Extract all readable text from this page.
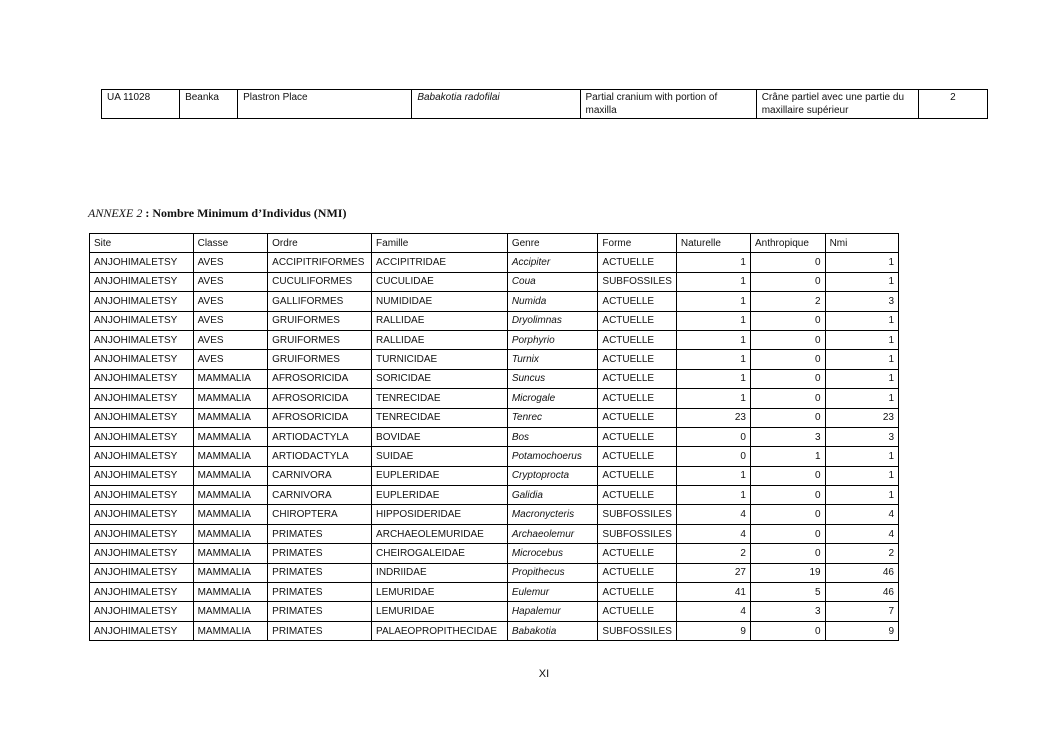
UA 11028	Beanka	Plastron Place	Babakotia radofilai	Partial cranium with portion of maxilla	Crâne partiel avec une partie du maxillaire supérieur	2

ANNEXE 2 : Nombre Minimum d’Individus (NMI)

Site	Classe	Ordre	Famille	Genre	Forme	Naturelle	Anthropique	Nmi
ANJOHIMALETSY	AVES	ACCIPITRIFORMES	ACCIPITRIDAE	Accipiter	ACTUELLE	1	0	1
ANJOHIMALETSY	AVES	CUCULIFORMES	CUCULIDAE	Coua	SUBFOSSILES	1	0	1
ANJOHIMALETSY	AVES	GALLIFORMES	NUMIDIDAE	Numida	ACTUELLE	1	2	3
ANJOHIMALETSY	AVES	GRUIFORMES	RALLIDAE	Dryolimnas	ACTUELLE	1	0	1
ANJOHIMALETSY	AVES	GRUIFORMES	RALLIDAE	Porphyrio	ACTUELLE	1	0	1
ANJOHIMALETSY	AVES	GRUIFORMES	TURNICIDAE	Turnix	ACTUELLE	1	0	1
ANJOHIMALETSY	MAMMALIA	AFROSORICIDA	SORICIDAE	Suncus	ACTUELLE	1	0	1
ANJOHIMALETSY	MAMMALIA	AFROSORICIDA	TENRECIDAE	Microgale	ACTUELLE	1	0	1
ANJOHIMALETSY	MAMMALIA	AFROSORICIDA	TENRECIDAE	Tenrec	ACTUELLE	23	0	23
ANJOHIMALETSY	MAMMALIA	ARTIODACTYLA	BOVIDAE	Bos	ACTUELLE	0	3	3
ANJOHIMALETSY	MAMMALIA	ARTIODACTYLA	SUIDAE	Potamochoerus	ACTUELLE	0	1	1
ANJOHIMALETSY	MAMMALIA	CARNIVORA	EUPLERIDAE	Cryptoprocta	ACTUELLE	1	0	1
ANJOHIMALETSY	MAMMALIA	CARNIVORA	EUPLERIDAE	Galidia	ACTUELLE	1	0	1
ANJOHIMALETSY	MAMMALIA	CHIROPTERA	HIPPOSIDERIDAE	Macronycteris	SUBFOSSILES	4	0	4
ANJOHIMALETSY	MAMMALIA	PRIMATES	ARCHAEOLEMURIDAE	Archaeolemur	SUBFOSSILES	4	0	4
ANJOHIMALETSY	MAMMALIA	PRIMATES	CHEIROGALEIDAE	Microcebus	ACTUELLE	2	0	2
ANJOHIMALETSY	MAMMALIA	PRIMATES	INDRIIDAE	Propithecus	ACTUELLE	27	19	46
ANJOHIMALETSY	MAMMALIA	PRIMATES	LEMURIDAE	Eulemur	ACTUELLE	41	5	46
ANJOHIMALETSY	MAMMALIA	PRIMATES	LEMURIDAE	Hapalemur	ACTUELLE	4	3	7
ANJOHIMALETSY	MAMMALIA	PRIMATES	PALAEOPROPITHECIDAE	Babakotia	SUBFOSSILES	9	0	9
XI
